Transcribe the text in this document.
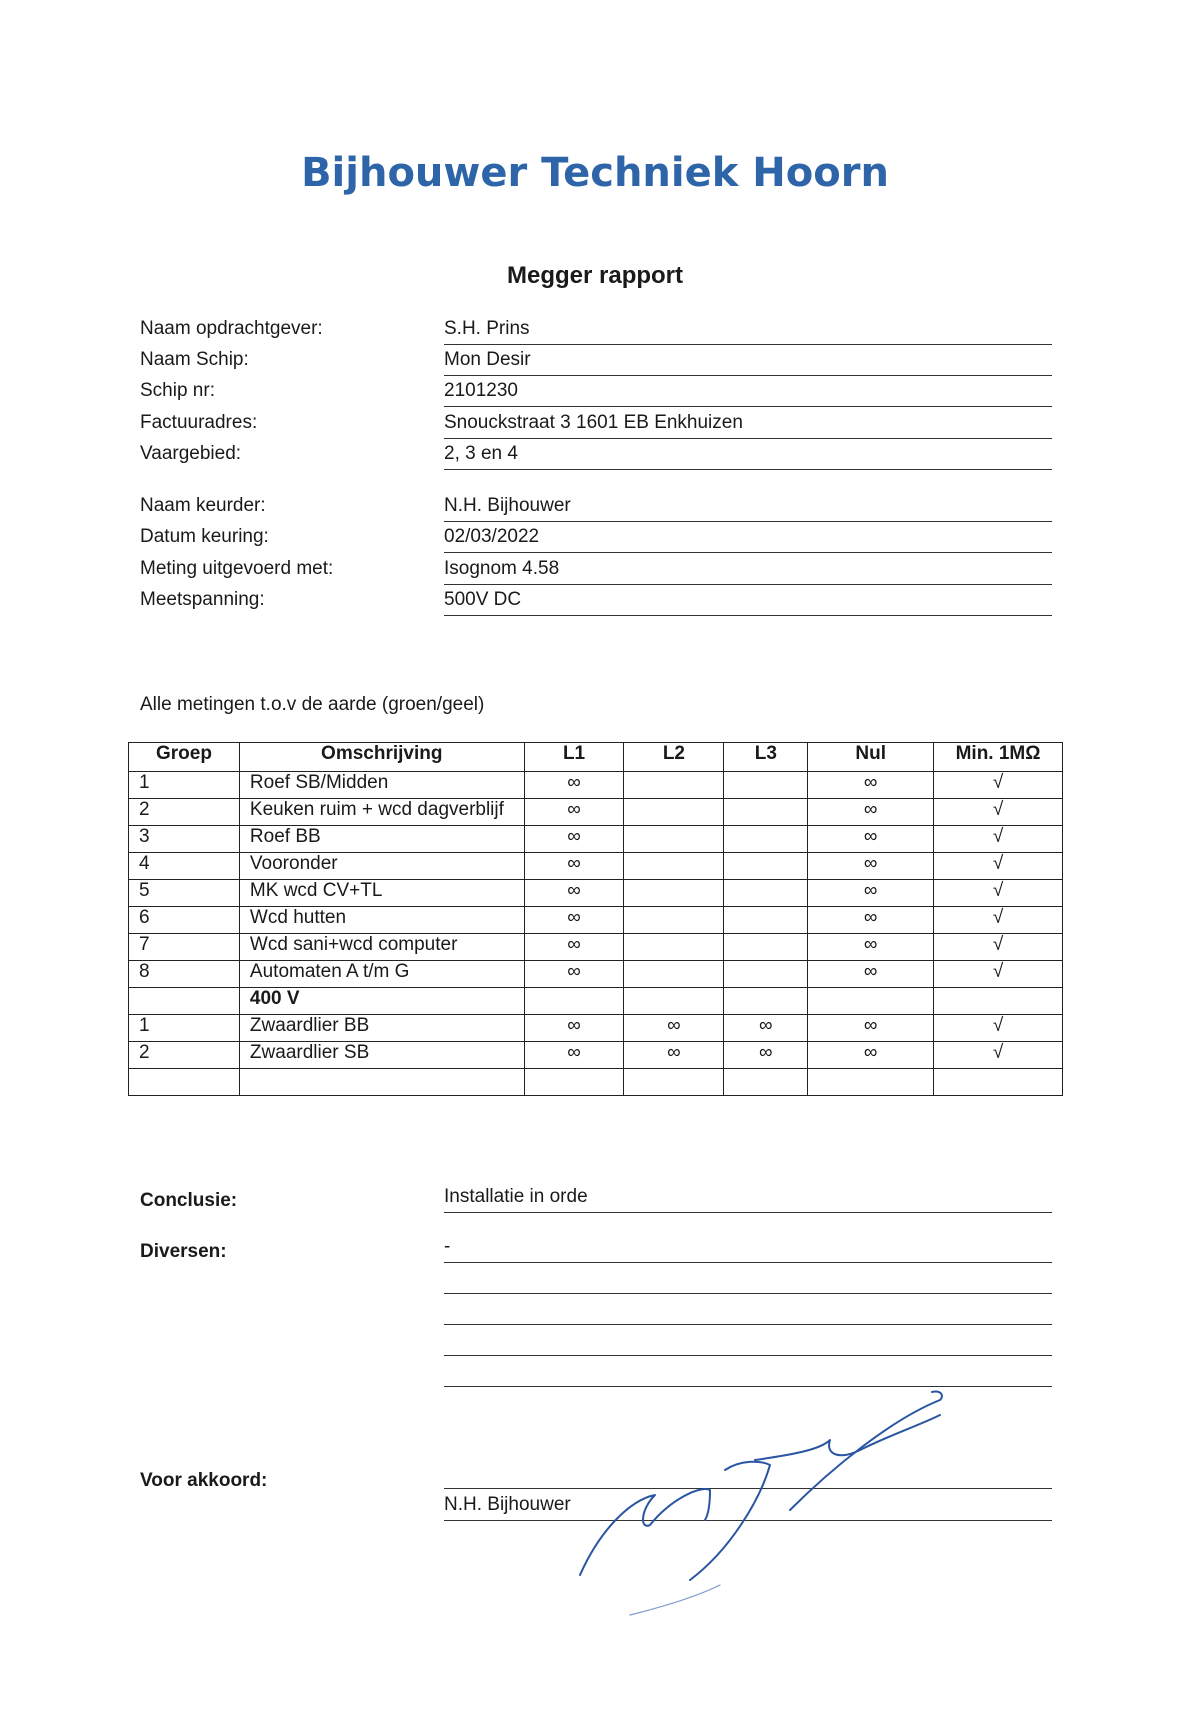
Bijhouwer Techniek Hoorn
Megger rapport
Naam opdrachtgever:	S.H. Prins
Naam Schip:	Mon Desir
Schip nr:	2101230
Factuuradres:	Snouckstraat 3 1601 EB Enkhuizen
Vaargebied:	2, 3 en 4
Naam keurder:	N.H. Bijhouwer
Datum keuring:	02/03/2022
Meting uitgevoerd met:	Isognom 4.58
Meetspanning:	500V DC
Alle metingen t.o.v de aarde (groen/geel)
Groep	Omschrijving	L1	L2	L3	Nul	Min. 1MΩ
1	Roef SB/Midden	∞			∞	√
2	Keuken ruim + wcd dagverblijf	∞			∞	√
3	Roef BB	∞			∞	√
4	Vooronder	∞			∞	√
5	MK wcd CV+TL	∞			∞	√
6	Wcd hutten	∞			∞	√
7	Wcd sani+wcd computer	∞			∞	√
8	Automaten A t/m G	∞			∞	√
	400 V					
1	Zwaardlier BB	∞	∞	∞	∞	√
2	Zwaardlier SB	∞	∞	∞	∞	√

Conclusie:	Installatie in orde
Diversen:	-
Voor akkoord:
N.H. Bijhouwer
